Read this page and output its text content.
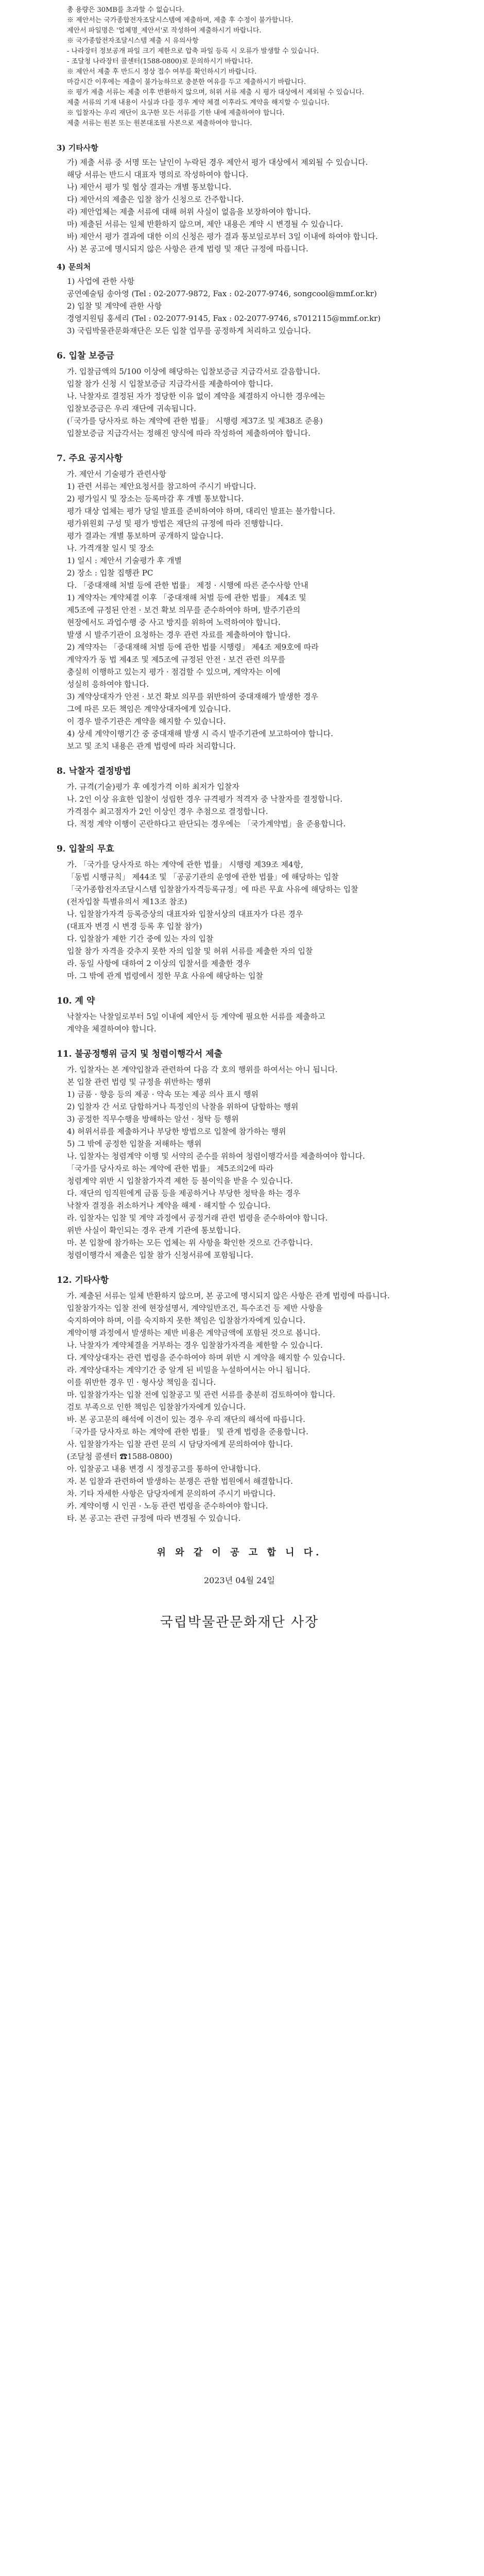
총 용량은 30MB를 초과할 수 없습니다.

※ 제안서는 국가종합전자조달시스템에 제출하며, 제출 후 수정이 불가합니다.

제안서 파일명은 '업체명_제안서'로 작성하여 제출하시기 바랍니다.

※ 국가종합전자조달시스템 제출 시 유의사항

- 나라장터 정보공개 파일 크기 제한으로 압축 파일 등록 시 오류가 발생할 수 있습니다.

- 조달청 나라장터 콜센터(1588-0800)로 문의하시기 바랍니다.

※ 제안서 제출 후 반드시 정상 접수 여부를 확인하시기 바랍니다.

마감시간 이후에는 제출이 불가능하므로 충분한 여유를 두고 제출하시기 바랍니다.

※ 평가 제출 서류는 제출 이후 반환하지 않으며, 허위 서류 제출 시 평가 대상에서 제외될 수 있습니다.

제출 서류의 기재 내용이 사실과 다를 경우 계약 체결 이후라도 계약을 해지할 수 있습니다.

※ 입찰자는 우리 재단이 요구한 모든 서류를 기한 내에 제출하여야 합니다.

제출 서류는 원본 또는 원본대조필 사본으로 제출하여야 합니다.

3) 기타사항

가) 제출 서류 중 서명 또는 날인이 누락된 경우 제안서 평가 대상에서 제외될 수 있습니다.

해당 서류는 반드시 대표자 명의로 작성하여야 합니다.

나) 제안서 평가 및 협상 결과는 개별 통보합니다.

다) 제안서의 제출은 입찰 참가 신청으로 간주합니다.

라) 제안업체는 제출 서류에 대해 허위 사실이 없음을 보장하여야 합니다.

마) 제출된 서류는 일체 반환하지 않으며, 제안 내용은 계약 시 변경될 수 있습니다.

바) 제안서 평가 결과에 대한 이의 신청은 평가 결과 통보일로부터 3일 이내에 하여야 합니다.

사) 본 공고에 명시되지 않은 사항은 관계 법령 및 재단 규정에 따릅니다.

4) 문의처

1) 사업에 관한 사항

공연예술팀 송아영 (Tel : 02-2077-9872, Fax : 02-2077-9746, songcool@mmf.or.kr)

2) 입찰 및 계약에 관한 사항

경영지원팀 홍세리 (Tel : 02-2077-9145, Fax : 02-2077-9746, s7012115@mmf.or.kr)

3) 국립박물관문화재단은 모든 입찰 업무를 공정하게 처리하고 있습니다.

6. 입찰 보증금

가. 입찰금액의 5/100 이상에 해당하는 입찰보증금 지급각서로 갈음합니다.

입찰 참가 신청 시 입찰보증금 지급각서를 제출하여야 합니다.

나. 낙찰자로 결정된 자가 정당한 이유 없이 계약을 체결하지 아니한 경우에는

입찰보증금은 우리 재단에 귀속됩니다.

(「국가를 당사자로 하는 계약에 관한 법률」 시행령 제37조 및 제38조 준용)

입찰보증금 지급각서는 정해진 양식에 따라 작성하여 제출하여야 합니다.

7. 주요 공지사항

가. 제안서 기술평가 관련사항

1) 관련 서류는 제안요청서를 참고하여 주시기 바랍니다.

2) 평가일시 및 장소는 등록마감 후 개별 통보합니다.

평가 대상 업체는 평가 당일 발표를 준비하여야 하며, 대리인 발표는 불가합니다.

평가위원회 구성 및 평가 방법은 재단의 규정에 따라 진행합니다.

평가 결과는 개별 통보하며 공개하지 않습니다.

나. 가격개찰 일시 및 장소

1) 일시 : 제안서 기술평가 후 개별

2) 장소 : 입찰 집행관 PC

다. 「중대재해 처벌 등에 관한 법률」 제정 · 시행에 따른 준수사항 안내

1) 계약자는 계약체결 이후 「중대재해 처벌 등에 관한 법률」 제4조 및

제5조에 규정된 안전 · 보건 확보 의무를 준수하여야 하며, 발주기관의

현장에서도 과업수행 중 사고 방지를 위하여 노력하여야 합니다.

발생 시 발주기관이 요청하는 경우 관련 자료를 제출하여야 합니다.

2) 계약자는 「중대재해 처벌 등에 관한 법률 시행령」 제4조 제9호에 따라

계약자가 동 법 제4조 및 제5조에 규정된 안전 · 보건 관련 의무를

충실히 이행하고 있는지 평가 · 점검할 수 있으며, 계약자는 이에

성실히 응하여야 합니다.

3) 계약상대자가 안전 · 보건 확보 의무를 위반하여 중대재해가 발생한 경우

그에 따른 모든 책임은 계약상대자에게 있습니다.

이 경우 발주기관은 계약을 해지할 수 있습니다.

4) 상세 계약이행기간 중 중대재해 발생 시 즉시 발주기관에 보고하여야 합니다.

보고 및 조치 내용은 관계 법령에 따라 처리합니다.

8. 낙찰자 결정방법

가. 규격(기술)평가 후 예정가격 이하 최저가 입찰자

나. 2인 이상 유효한 입찰이 성립한 경우 규격평가 적격자 중 낙찰자를 결정합니다.

가격점수 최고점자가 2인 이상인 경우 추첨으로 결정합니다.

다. 적정 계약 이행이 곤란하다고 판단되는 경우에는 「국가계약법」을 준용합니다.

9. 입찰의 무효

가. 「국가를 당사자로 하는 계약에 관한 법률」 시행령 제39조 제4항,

「동법 시행규칙」 제44조 및 「공공기관의 운영에 관한 법률」에 해당하는 입찰

「국가종합전자조달시스템 입찰참가자격등록규정」에 따른 무효 사유에 해당하는 입찰

(전자입찰 특별유의서 제13조 참조)

나. 입찰참가자격 등록증상의 대표자와 입찰서상의 대표자가 다른 경우

(대표자 변경 시 변경 등록 후 입찰 참가)

다. 입찰참가 제한 기간 중에 있는 자의 입찰

입찰 참가 자격을 갖추지 못한 자의 입찰 및 허위 서류를 제출한 자의 입찰

라. 동일 사항에 대하여 2 이상의 입찰서를 제출한 경우

마. 그 밖에 관계 법령에서 정한 무효 사유에 해당하는 입찰

10. 계 약

낙찰자는 낙찰일로부터 5일 이내에 제안서 등 계약에 필요한 서류를 제출하고

계약을 체결하여야 합니다.

11. 불공정행위 금지 및 청렴이행각서 제출

가. 입찰자는 본 계약입찰과 관련하여 다음 각 호의 행위를 하여서는 아니 됩니다.

본 입찰 관련 법령 및 규정을 위반하는 행위

1) 금품 · 향응 등의 제공 · 약속 또는 제공 의사 표시 행위

2) 입찰자 간 서로 담합하거나 특정인의 낙찰을 위하여 담합하는 행위

3) 공정한 직무수행을 방해하는 알선 · 청탁 등 행위

4) 허위서류를 제출하거나 부당한 방법으로 입찰에 참가하는 행위

5) 그 밖에 공정한 입찰을 저해하는 행위

나. 입찰자는 청렴계약 이행 및 서약의 준수를 위하여 청렴이행각서를 제출하여야 합니다.

「국가를 당사자로 하는 계약에 관한 법률」 제5조의2에 따라

청렴계약 위반 시 입찰참가자격 제한 등 불이익을 받을 수 있습니다.

다. 재단의 임직원에게 금품 등을 제공하거나 부당한 청탁을 하는 경우

낙찰자 결정을 취소하거나 계약을 해제 · 해지할 수 있습니다.

라. 입찰자는 입찰 및 계약 과정에서 공정거래 관련 법령을 준수하여야 합니다.

위반 사실이 확인되는 경우 관계 기관에 통보합니다.

마. 본 입찰에 참가하는 모든 업체는 위 사항을 확인한 것으로 간주합니다.

청렴이행각서 제출은 입찰 참가 신청서류에 포함됩니다.

12. 기타사항

가. 제출된 서류는 일체 반환하지 않으며, 본 공고에 명시되지 않은 사항은 관계 법령에 따릅니다.

입찰참가자는 입찰 전에 현장설명서, 계약일반조건, 특수조건 등 제반 사항을

숙지하여야 하며, 이를 숙지하지 못한 책임은 입찰참가자에게 있습니다.

계약이행 과정에서 발생하는 제반 비용은 계약금액에 포함된 것으로 봅니다.

나. 낙찰자가 계약체결을 거부하는 경우 입찰참가자격을 제한할 수 있습니다.

다. 계약상대자는 관련 법령을 준수하여야 하며 위반 시 계약을 해지할 수 있습니다.

라. 계약상대자는 계약기간 중 알게 된 비밀을 누설하여서는 아니 됩니다.

이를 위반한 경우 민 · 형사상 책임을 집니다.

마. 입찰참가자는 입찰 전에 입찰공고 및 관련 서류를 충분히 검토하여야 합니다.

검토 부족으로 인한 책임은 입찰참가자에게 있습니다.

바. 본 공고문의 해석에 이견이 있는 경우 우리 재단의 해석에 따릅니다.

「국가를 당사자로 하는 계약에 관한 법률」 및 관계 법령을 준용합니다.

사. 입찰참가자는 입찰 관련 문의 시 담당자에게 문의하여야 합니다.

(조달청 콜센터 ☎1588-0800)

아. 입찰공고 내용 변경 시 정정공고를 통하여 안내합니다.

자. 본 입찰과 관련하여 발생하는 분쟁은 관할 법원에서 해결합니다.

차. 기타 자세한 사항은 담당자에게 문의하여 주시기 바랍니다.

카. 계약이행 시 인권 · 노동 관련 법령을 준수하여야 합니다.

타. 본 공고는 관련 규정에 따라 변경될 수 있습니다.

위 와 같 이 공 고 합 니 다.
2023년 04월 24일
국립박물관문화재단 사장
